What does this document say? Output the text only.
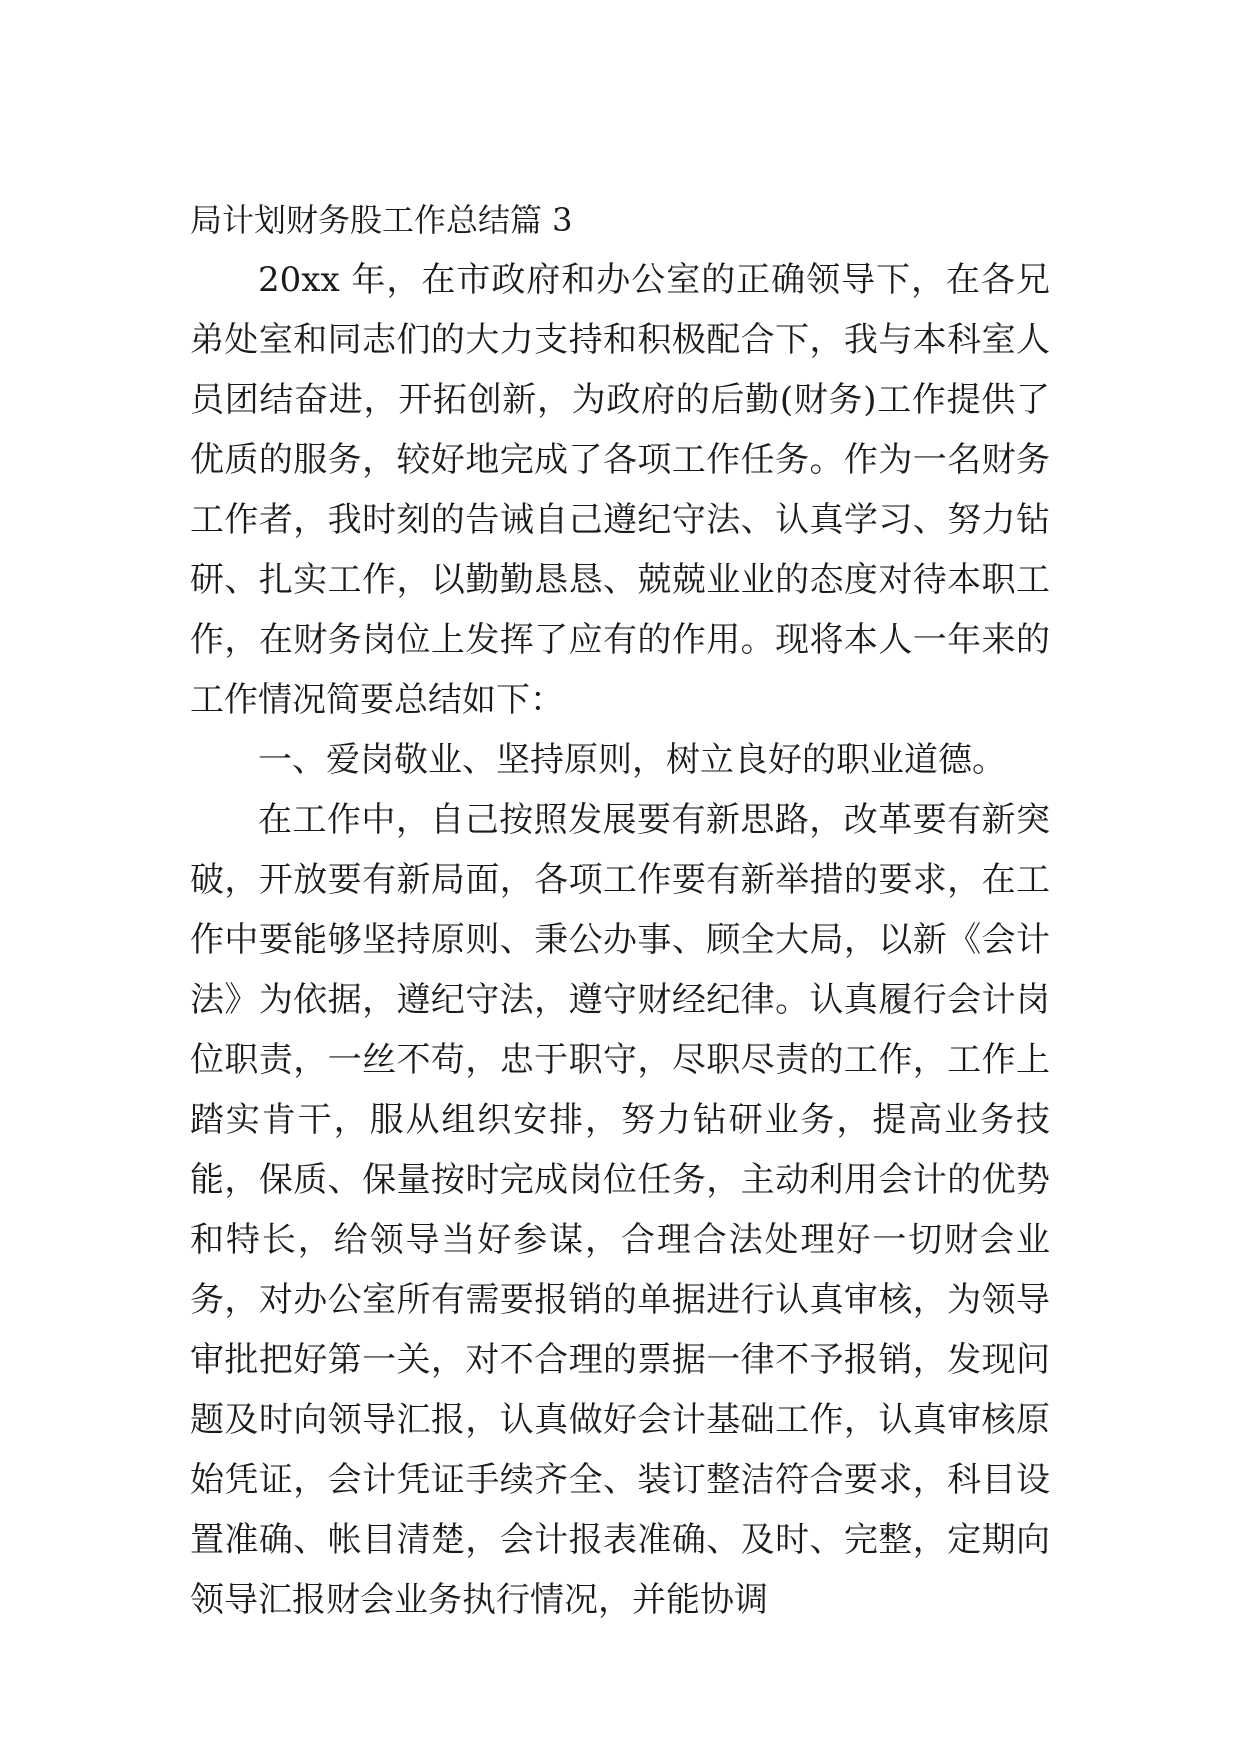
局计划财务股工作总结篇 3

20xx 年，在市政府和办公室的正确领导下，在各兄弟处室和同志们的大力支持和积极配合下，我与本科室人员团结奋进，开拓创新，为政府的后勤(财务)工作提供了优质的服务，较好地完成了各项工作任务。作为一名财务工作者，我时刻的告诫自己遵纪守法、认真学习、努力钻研、扎实工作，以勤勤恳恳、兢兢业业的态度对待本职工作，在财务岗位上发挥了应有的作用。现将本人一年来的工作情况简要总结如下：

一、爱岗敬业、坚持原则，树立良好的职业道德。

在工作中，自己按照发展要有新思路，改革要有新突破，开放要有新局面，各项工作要有新举措的要求，在工作中要能够坚持原则、秉公办事、顾全大局，以新《会计法》为依据，遵纪守法，遵守财经纪律。认真履行会计岗位职责，一丝不苟，忠于职守，尽职尽责的工作，工作上踏实肯干，服从组织安排，努力钻研业务，提高业务技能，保质、保量按时完成岗位任务，主动利用会计的优势和特长，给领导当好参谋，合理合法处理好一切财会业务，对办公室所有需要报销的单据进行认真审核，为领导审批把好第一关，对不合理的票据一律不予报销，发现问题及时向领导汇报，认真做好会计基础工作，认真审核原始凭证，会计凭证手续齐全、装订整洁符合要求，科目设置准确、帐目清楚，会计报表准确、及时、完整，定期向领导汇报财会业务执行情况，并能协调
